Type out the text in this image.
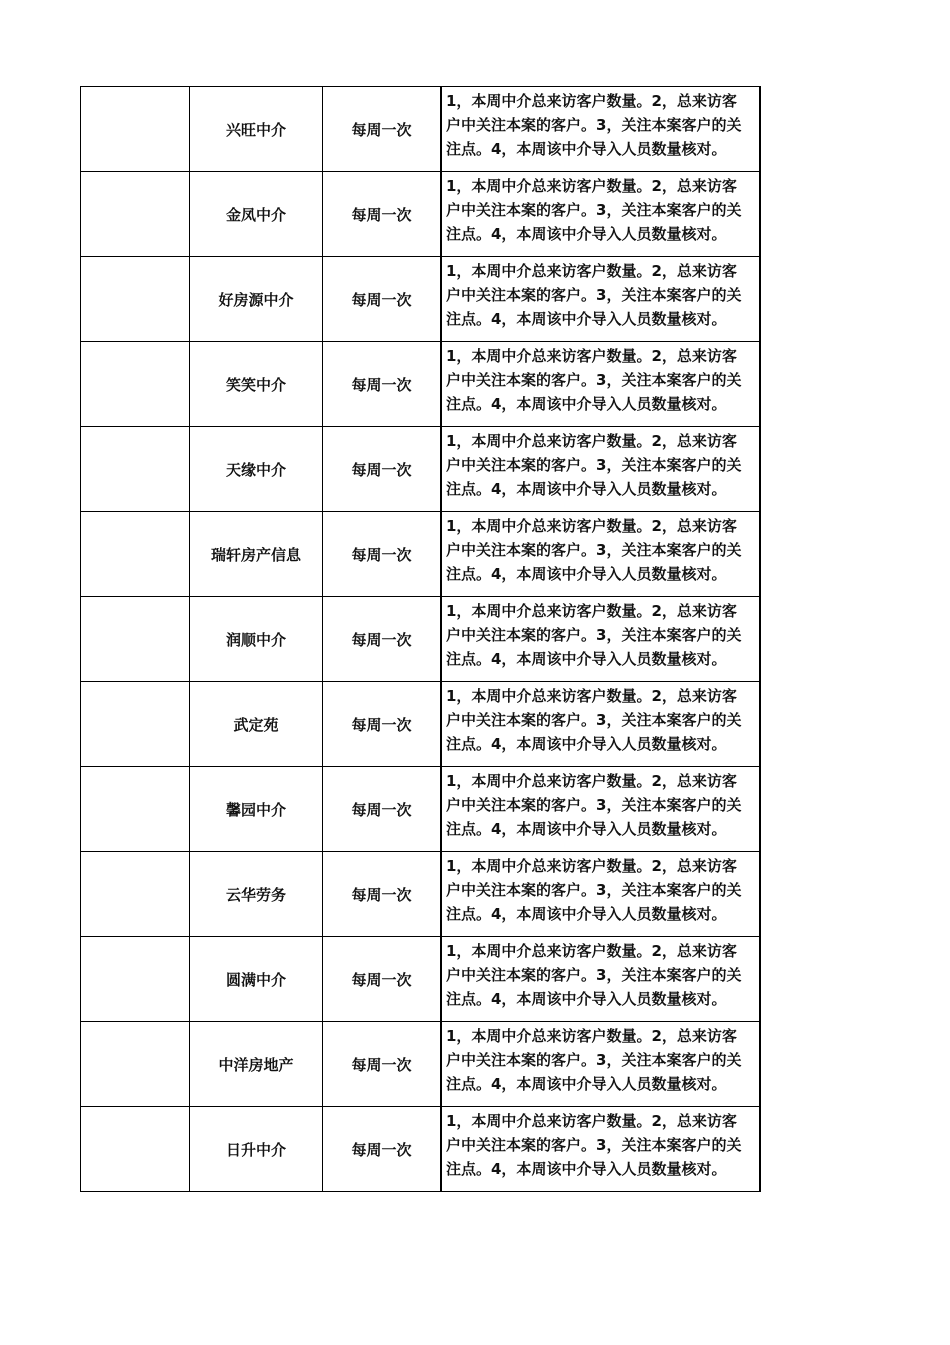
	兴旺中介	每周一次	1，本周中介总来访客户数量。2，总来访客户中关注本案的客户。3，关注本案客户的关注点。4，本周该中介导入人员数量核对。

	金凤中介	每周一次	1，本周中介总来访客户数量。2，总来访客户中关注本案的客户。3，关注本案客户的关注点。4，本周该中介导入人员数量核对。

	好房源中介	每周一次	1，本周中介总来访客户数量。2，总来访客户中关注本案的客户。3，关注本案客户的关注点。4，本周该中介导入人员数量核对。

	笑笑中介	每周一次	1，本周中介总来访客户数量。2，总来访客户中关注本案的客户。3，关注本案客户的关注点。4，本周该中介导入人员数量核对。

	天缘中介	每周一次	1，本周中介总来访客户数量。2，总来访客户中关注本案的客户。3，关注本案客户的关注点。4，本周该中介导入人员数量核对。

	瑞轩房产信息	每周一次	1，本周中介总来访客户数量。2，总来访客户中关注本案的客户。3，关注本案客户的关注点。4，本周该中介导入人员数量核对。

	润顺中介	每周一次	1，本周中介总来访客户数量。2，总来访客户中关注本案的客户。3，关注本案客户的关注点。4，本周该中介导入人员数量核对。

	武定苑	每周一次	1，本周中介总来访客户数量。2，总来访客户中关注本案的客户。3，关注本案客户的关注点。4，本周该中介导入人员数量核对。

	馨园中介	每周一次	1，本周中介总来访客户数量。2，总来访客户中关注本案的客户。3，关注本案客户的关注点。4，本周该中介导入人员数量核对。

	云华劳务	每周一次	1，本周中介总来访客户数量。2，总来访客户中关注本案的客户。3，关注本案客户的关注点。4，本周该中介导入人员数量核对。

	圆满中介	每周一次	1，本周中介总来访客户数量。2，总来访客户中关注本案的客户。3，关注本案客户的关注点。4，本周该中介导入人员数量核对。

	中洋房地产	每周一次	1，本周中介总来访客户数量。2，总来访客户中关注本案的客户。3，关注本案客户的关注点。4，本周该中介导入人员数量核对。

	日升中介	每周一次	1，本周中介总来访客户数量。2，总来访客户中关注本案的客户。3，关注本案客户的关注点。4，本周该中介导入人员数量核对。
